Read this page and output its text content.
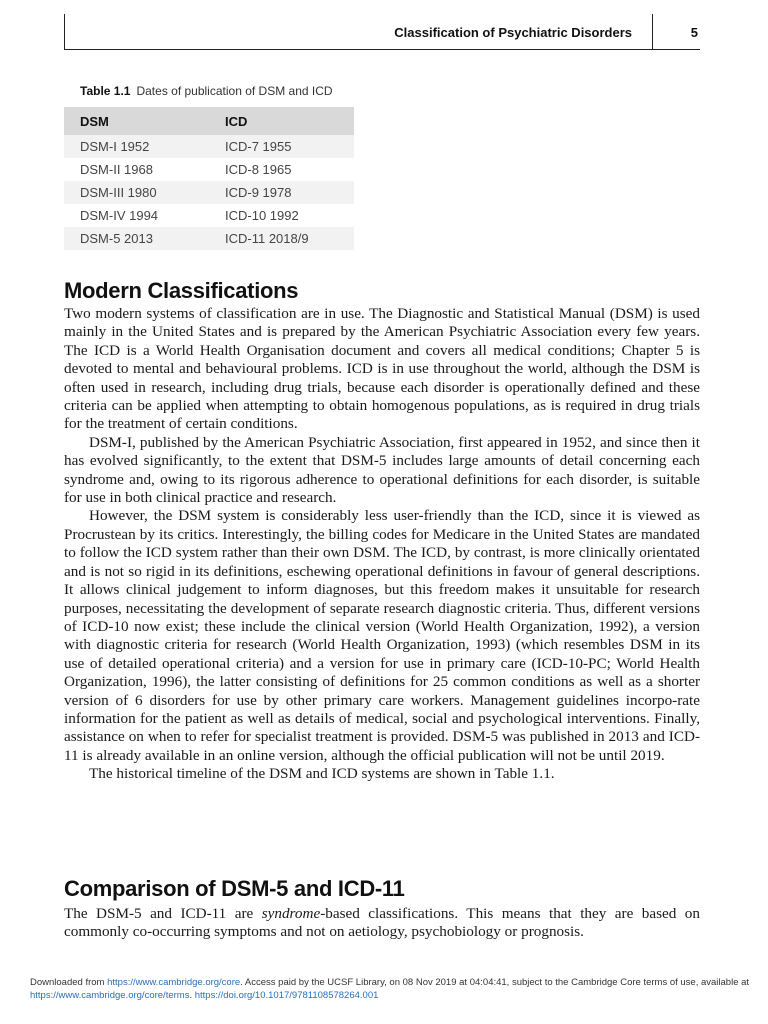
Classification of Psychiatric Disorders	5
Table 1.1 Dates of publication of DSM and ICD
DSM	ICD
DSM-I 1952	ICD-7 1955
DSM-II 1968	ICD-8 1965
DSM-III 1980	ICD-9 1978
DSM-IV 1994	ICD-10 1992
DSM-5 2013	ICD-11 2018/9
Modern Classifications

Two modern systems of classification are in use. The Diagnostic and Statistical Manual (DSM) is used mainly in the United States and is prepared by the American Psychiatric Association every few years. The ICD is a World Health Organisation document and covers all medical conditions; Chapter 5 is devoted to mental and behavioural problems. ICD is in use throughout the world, although the DSM is often used in research, including drug trials, because each disorder is operationally defined and these criteria can be applied when attempting to obtain homogenous populations, as is required in drug trials for the treatment of certain conditions.

DSM-I, published by the American Psychiatric Association, first appeared in 1952, and since then it has evolved significantly, to the extent that DSM-5 includes large amounts of detail concerning each syndrome and, owing to its rigorous adherence to operational definitions for each disorder, is suitable for use in both clinical practice and research.

However, the DSM system is considerably less user-friendly than the ICD, since it is viewed as Procrustean by its critics. Interestingly, the billing codes for Medicare in the United States are mandated to follow the ICD system rather than their own DSM. The ICD, by contrast, is more clinically orientated and is not so rigid in its definitions, eschewing operational definitions in favour of general descriptions. It allows clinical judgement to inform diagnoses, but this freedom makes it unsuitable for research purposes, necessitating the development of separate research diagnostic criteria. Thus, different versions of ICD-10 now exist; these include the clinical version (World Health Organization, 1992), a version with diagnostic criteria for research (World Health Organization, 1993) (which resembles DSM in its use of detailed operational criteria) and a version for use in primary care (ICD-10-PC; World Health Organization, 1996), the latter consisting of definitions for 25 common conditions as well as a shorter version of 6 disorders for use by other primary care workers. Management guidelines incorpo-rate information for the patient as well as details of medical, social and psychological interventions. Finally, assistance on when to refer for specialist treatment is provided. DSM-5 was published in 2013 and ICD-11 is already available in an online version, although the official publication will not be until 2019.

The historical timeline of the DSM and ICD systems are shown in Table 1.1.

Comparison of DSM-5 and ICD-11

The DSM-5 and ICD-11 are syndrome-based classifications. This means that they are based on commonly co-occurring symptoms and not on aetiology, psychobiology or prognosis.

Downloaded from https://www.cambridge.org/core. Access paid by the UCSF Library, on 08 Nov 2019 at 04:04:41, subject to the Cambridge Core terms of use, available at https://www.cambridge.org/core/terms. https://doi.org/10.1017/9781108578264.001
